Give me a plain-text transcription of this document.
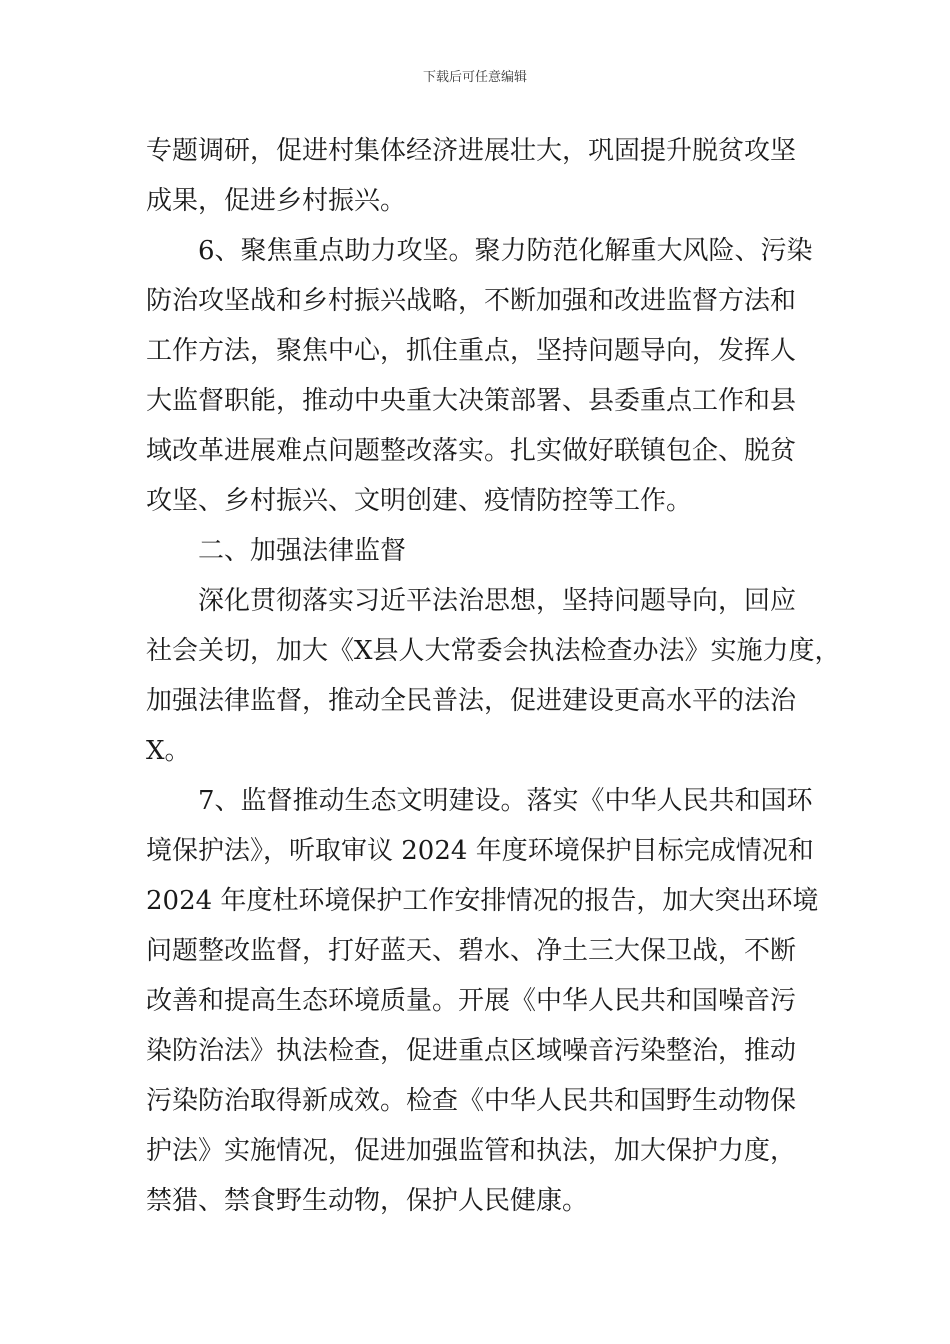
下载后可任意编辑
专题调研，促进村集体经济进展壮大，巩固提升脱贫攻坚
成果，促进乡村振兴。
6、聚焦重点助力攻坚。聚力防范化解重大风险、污染
防治攻坚战和乡村振兴战略，不断加强和改进监督方法和
工作方法，聚焦中心，抓住重点，坚持问题导向，发挥人
大监督职能，推动中央重大决策部署、县委重点工作和县
域改革进展难点问题整改落实。扎实做好联镇包企、脱贫
攻坚、乡村振兴、文明创建、疫情防控等工作。
二、加强法律监督
深化贯彻落实习近平法治思想，坚持问题导向，回应
社会关切，加大《X县人大常委会执法检查办法》实施力度，
加强法律监督，推动全民普法，促进建设更高水平的法治
X。
7、监督推动生态文明建设。落实《中华人民共和国环
境保护法》，听取审议 2024 年度环境保护目标完成情况和
2024 年度杜环境保护工作安排情况的报告，加大突出环境
问题整改监督，打好蓝天、碧水、净土三大保卫战，不断
改善和提高生态环境质量。开展《中华人民共和国噪音污
染防治法》执法检查，促进重点区域噪音污染整治，推动
污染防治取得新成效。检查《中华人民共和国野生动物保
护法》实施情况，促进加强监管和执法，加大保护力度，
禁猎、禁食野生动物，保护人民健康。
